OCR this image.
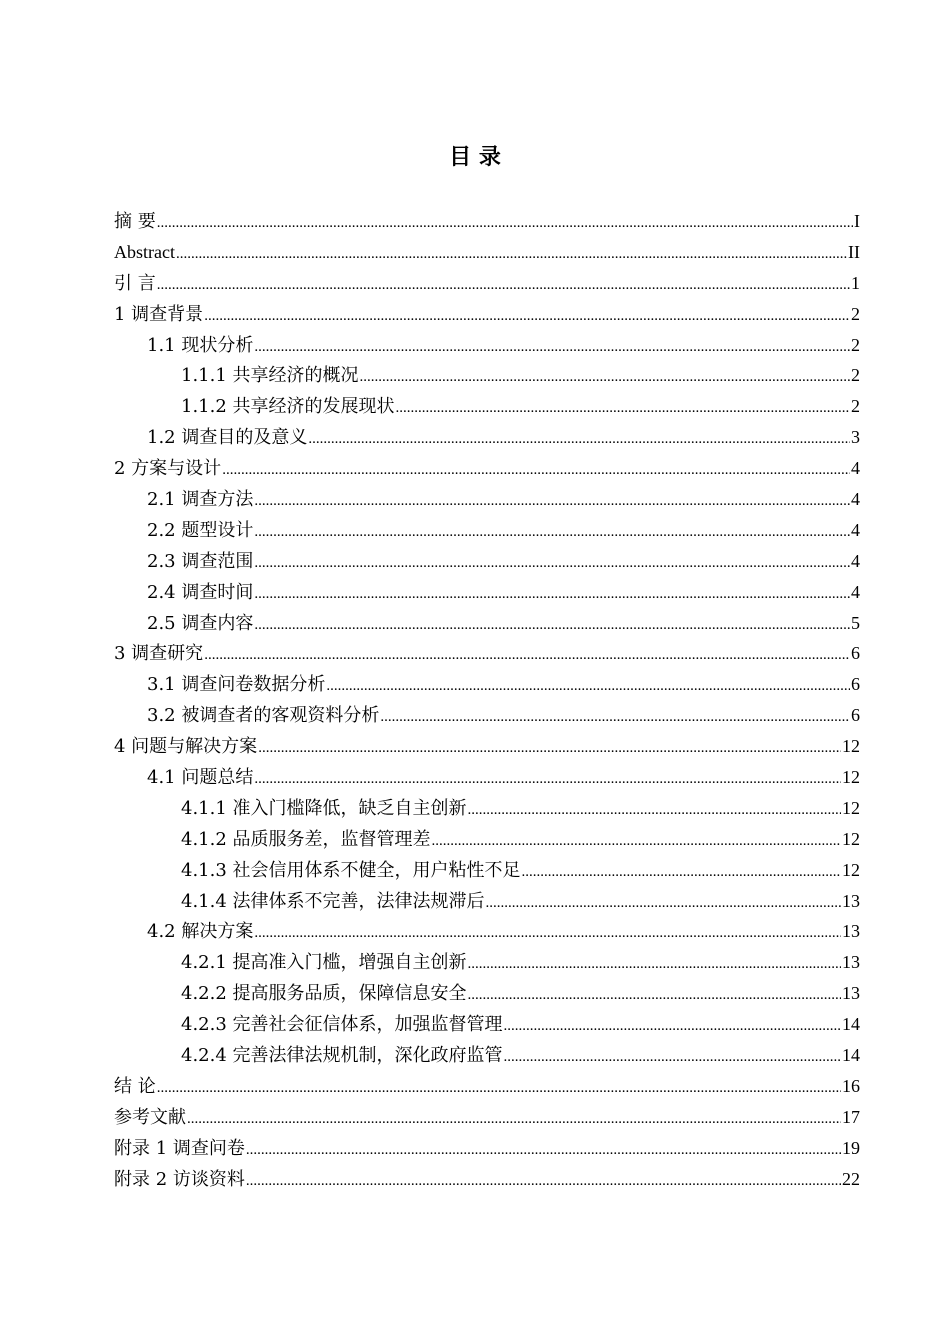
目 录
摘 要 .....	I
Abstract .....	II
引 言 .....	1
1 调查背景 .....	2
1.1 现状分析 .....	2
1.1.1 共享经济的概况 .....	2
1.1.2 共享经济的发展现状 .....	2
1.2 调查目的及意义 .....	3
2 方案与设计 .....	4
2.1 调查方法 .....	4
2.2 题型设计 .....	4
2.3 调查范围 .....	4
2.4 调查时间 .....	4
2.5 调查内容 .....	5
3 调查研究 .....	6
3.1 调查问卷数据分析 .....	6
3.2 被调查者的客观资料分析 .....	6
4 问题与解决方案 .....	12
4.1 问题总结 .....	12
4.1.1 准入门槛降低，缺乏自主创新 .....	12
4.1.2 品质服务差，监督管理差 .....	12
4.1.3 社会信用体系不健全，用户粘性不足 .....	12
4.1.4 法律体系不完善，法律法规滞后 .....	13
4.2 解决方案 .....	13
4.2.1 提高准入门槛，增强自主创新 .....	13
4.2.2 提高服务品质，保障信息安全 .....	13
4.2.3 完善社会征信体系，加强监督管理 .....	14
4.2.4 完善法律法规机制，深化政府监管 .....	14
结 论 .....	16
参考文献 .....	17
附录 1 调查问卷 .....	19
附录 2 访谈资料 .....	22
